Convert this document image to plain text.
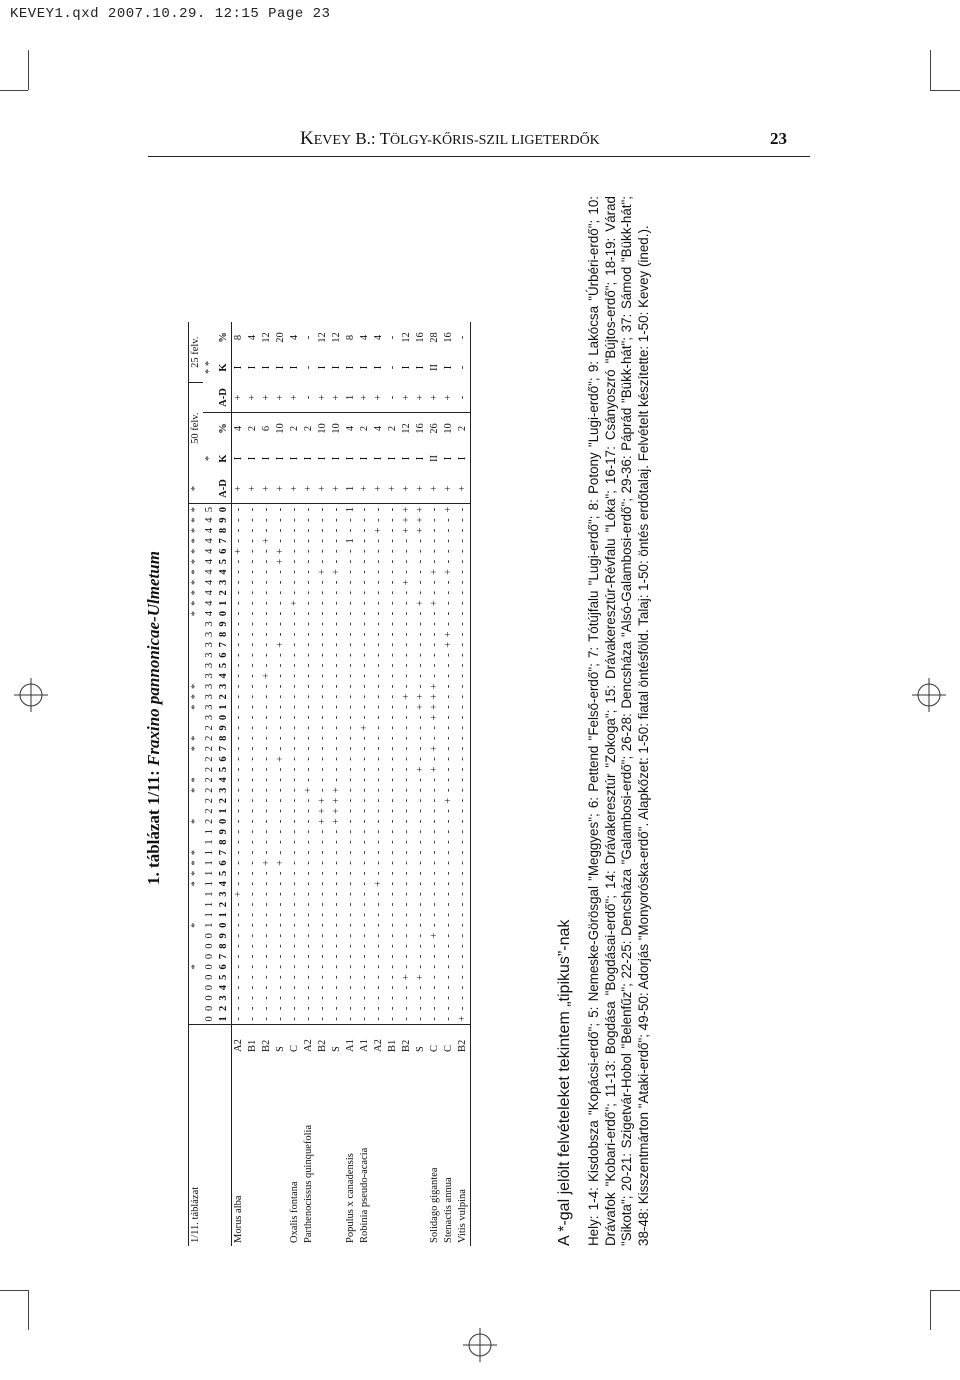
KEVEY1.qxd 2007.10.29. 12:15 Page 23
KEVEY B.: TÖLGY-KŐRIS-SZIL LIGETERDŐK	23
1. táblázat 1/11: Fraxino pannonicae-Ulmetum
1/11. táblázat							*				*				*	*	*	*			*			*	*			*	*			*	*	*							*	*	*	*	*	*	*	*	*	*	*	*	50 felv.			25 felv.	
		0	0	0	0	0	0	0	0	0	1	1	1	1	1	1	1	1	1	1	2	2	2	2	2	2	2	2	2	2	3	3	3	3	3	3	3	3	3	3	4	4	4	4	4	4	4	4	4	4	5	*			* *		
		1	2	3	4	5	6	7	8	9	0	1	2	3	4	5	6	7	8	9	0	1	2	3	4	5	6	7	8	9	0	1	2	3	4	5	6	7	8	9	0	1	2	3	4	5	6	7	8	9	0	A-D	K	%	A-D	K	%
Morus alba	A2	-	-	-	-	-	-	-	-	-	-	-	-	+	-	-	-	-	-	-	-	-	-	-	-	-	-	-	-	-	-	-	-	-	-	-	-	-	-	-	-	-	-	-	-	-	+	-	-	-	-	+	I	4	+	I	8
	B1	-	-	-	-	-	-	-	-	-	-	-	-	-	-	-	-	-	-	-	-	-	-	-	-	-	-	-	-	-	-	-	-	-	-	-	-	-	-	-	-	-	-	-	-	-	-	-	-	-	-	+	I	2	+	I	4
	B2	-	-	-	-	-	-	-	-	-	-	-	-	-	-	-	+	-	-	-	-	-	-	-	-	-	-	-	-	-	-	-	-	-	+	-	-	-	-	-	-	-	-	-	-	-	-	+	-	-	-	+	I	6	+	I	12
	S	-	-	-	-	-	-	-	-	-	-	-	-	-	-	-	+	-	-	-	-	-	-	-	-	-	+	-	-	-	-	-	-	-	-	-	-	+	-	-	-	-	-	-	-	+	+	-	-	-	-	+	I	10	+	I	20
Oxalis fontana	C	-	-	-	-	-	-	-	-	-	-	-	-	-	-	-	-	-	-	-	-	-	-	-	-	-	-	-	-	-	-	-	-	-	-	-	-	-	-	-	-	+	-	-	-	-	-	-	-	-	-	+	I	2	+	I	4
Parthenocissus quinquefolia	A2	-	-	-	-	-	-	-	-	-	-	-	-	-	-	-	-	-	-	-	-	-	-	+	-	-	-	-	-	-	-	-	-	-	-	-	-	-	-	-	-	-	-	-	-	-	-	-	-	-	-	+	I	2	-	-	-
	B2	-	-	-	-	-	-	-	-	-	-	-	-	-	-	-	-	-	-	-	+	+	+	-	-	-	-	-	-	-	-	-	-	-	-	-	-	-	-	-	-	-	-	-	+	-	-	-	-	-	-	+	I	10	+	I	12
	S	-	-	-	-	-	-	-	-	-	-	-	-	-	-	-	-	-	-	-	+	+	+	+	-	-	-	-	-	-	-	-	-	-	-	-	-	-	-	-	-	-	-	-	+	-	-	-	-	-	-	+	I	10	+	I	12
Populus x canadensis	A1	-	-	-	-	-	-	-	-	-	-	-	-	-	-	-	-	-	-	-	-	-	-	-	-	-	-	-	-	-	-	-	-	-	-	-	-	-	-	-	-	-	-	-	-	-	-	1	-	-	1	1	I	4	1	I	8
Robinia pseudo-acacia	A1	-	-	-	-	-	-	-	-	-	-	-	-	-	-	-	-	-	-	-	-	-	-	-	-	-	-	-	-	+	-	-	-	-	-	-	-	-	-	-	-	-	-	-	-	-	-	-	-	-	-	+	I	2	+	I	4
	A2	-	-	-	-	-	-	-	-	-	-	-	-	-	+	-	-	-	-	-	-	-	-	-	-	-	-	-	-	-	-	-	-	-	-	-	-	-	-	-	-	-	-	-	-	-	-	-	+	-	-	+	I	4	+	I	4
	B1	-	-	-	-	-	-	-	-	-	-	-	-	-	-	-	-	-	-	-	-	-	-	-	-	-	-	-	-	-	-	-	-	-	-	-	-	-	-	-	-	-	-	-	-	-	-	-	-	-	-	+	I	2	-	-	-
	B2	-	-	-	-	+	-	-	-	-	-	-	-	-	-	-	-	-	-	-	-	-	-	-	-	-	-	-	-	-	-	-	+	-	-	-	-	-	-	-	-	-	-	+	-	-	-	-	+	+	+	+	I	12	+	I	12
	S	-	-	-	-	+	-	-	-	-	-	-	-	-	-	-	-	-	-	-	-	-	-	-	-	+	-	-	-	-	-	+	+	-	-	-	-	-	-	-	-	+	-	-	-	-	-	-	+	+	+	+	I	16	+	I	16
Solidago gigantea	C	-	-	-	-	-	-	-	-	+	-	-	-	-	-	-	-	-	-	-	-	-	-	-	-	+	-	+	-	-	+	+	+	+	-	-	-	-	-	-	-	+	-	-	+	-	-	-	-	-	-	+	II	26	+	II	28
Stenactis annua	C	-	-	-	-	-	-	-	-	-	-	-	-	-	-	-	-	-	-	-	-	-	+	-	-	-	-	-	-	-	-	-	-	-	-	-	-	+	+	-	-	-	-	-	+	-	-	-	-	-	+	+	I	10	+	I	16
Vitis vulpina	B2	+	-	-	-	-	-	-	-	-	-	-	-	-	-	-	-	-	-	-	-	-	-	-	-	-	-	-	-	-	-	-	-	-	-	-	-	-	-	-	-	-	-	-	-	-	-	-	-	-	-	+	I	2	-	-	-
A *-gal jelölt felvételeket tekintem „tipikus”-nak Hely: 1-4: Kisdobsza "Kopácsi-erdő"; 5: Nemeske-Görösgal "Meggyes"; 6: Pettend "Felső-erdő"; 7: Tótújfalu "Lugi-erdő"; 8: Potony "Lugi-erdő"; 9: Lakócsa "Úrbéri-erdő"; 10: Drávafok "Kobari-erdő"; 11-13: Bogdása "Bogdásai-erdő"; 14: Drávakeresztúr "Zokoga"; 15: Drávakeresztúr-Révfalu "Lóka"; 16-17: Csányoszró "Bújtos-erdő"; 18-19: Várad "Sikota"; 20-21: Szigetvár-Hobol "Belenfűz"; 22-25: Dencsháza "Galambosi-erdő"; 26-28: Dencsháza "Alsó-Galambosi-erdő"; 29-36: Páprád "Bükk-hát"; 37: Sámod "Bükk-hát"; 38-48: Kisszentmárton "Ataki-erdő"; 49-50: Adorjás "Monyoróska-erdő". Alapkőzet: 1-50: fiatal öntésföld. Talaj: 1-50: öntés erdőtalaj. Felvételt készítette: 1-50: Kevey (ined.).
